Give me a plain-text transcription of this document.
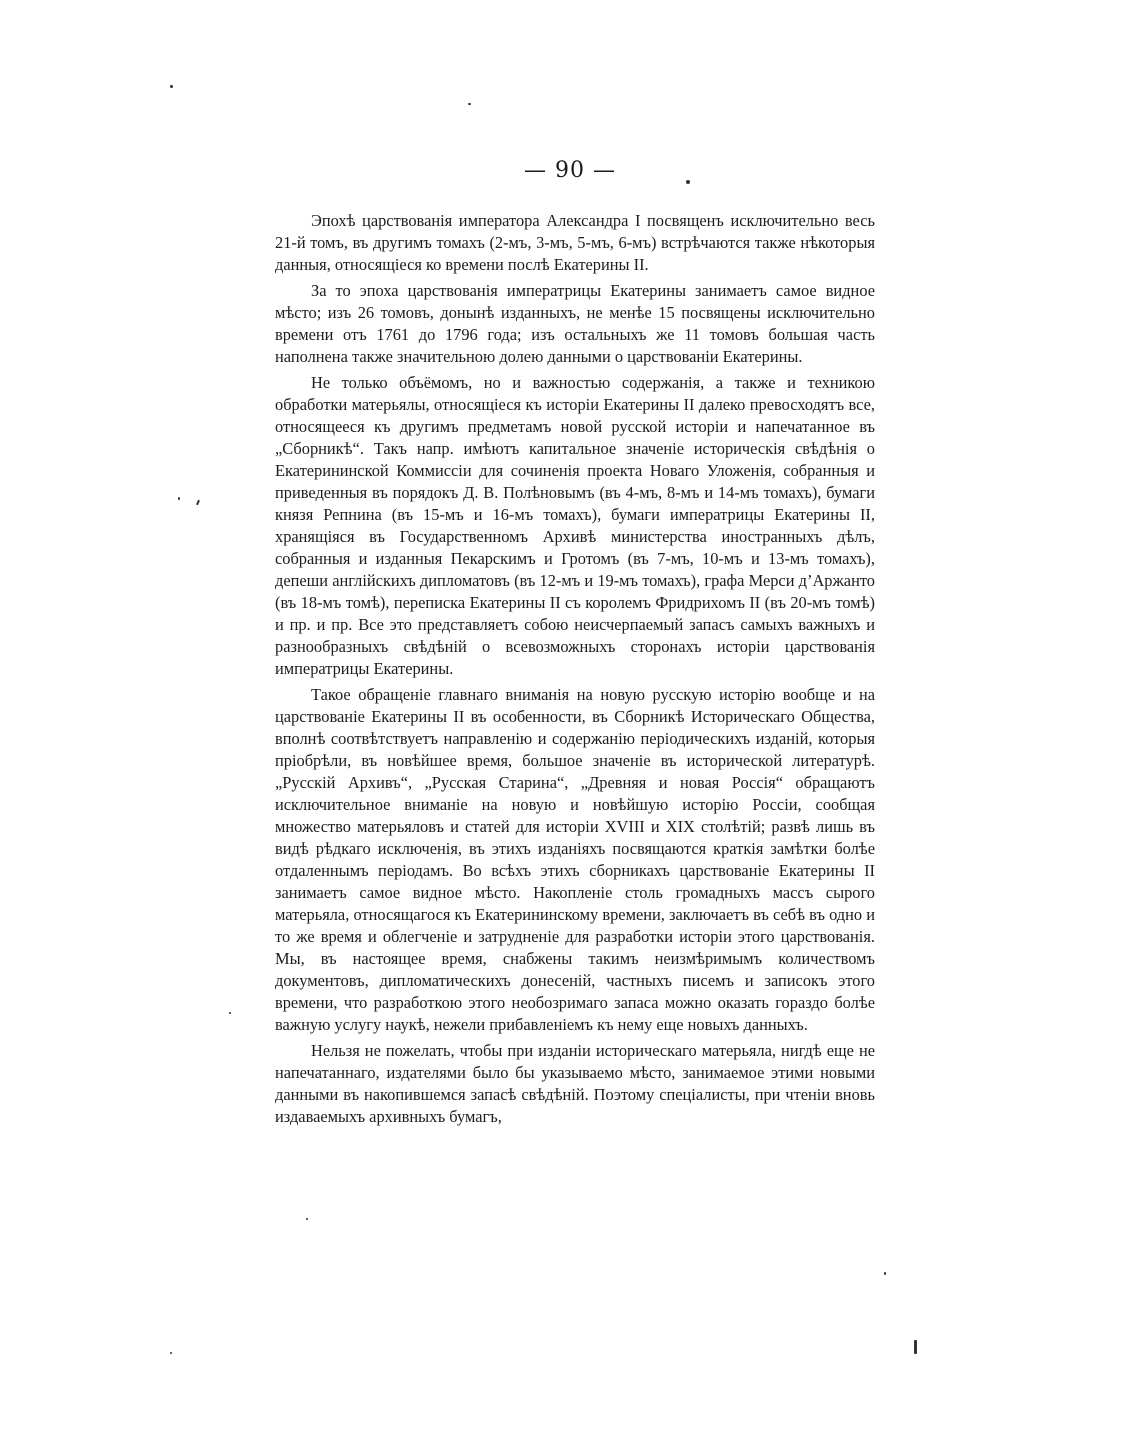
— 90 —

Эпохѣ царствованія императора Александра I посвященъ исключительно весь 21-й томъ, въ другимъ томахъ (2-мъ, 3-мъ, 5-мъ, 6-мъ) встрѣчаются также нѣкоторыя данныя, относящіеся ко времени послѣ Екатерины II.

За то эпоха царствованія императрицы Екатерины занимаетъ самое видное мѣсто; изъ 26 томовъ, донынѣ изданныхъ, не менѣе 15 посвящены исключительно времени отъ 1761 до 1796 года; изъ остальныхъ же 11 томовъ большая часть наполнена также значительною долею данными о царствованіи Екатерины.

Не только объёмомъ, но и важностью содержанія, а также и техникою обработки матерьялы, относящіеся къ исторіи Екатерины II далеко превосходятъ все, относящееся къ другимъ предметамъ новой русской исторіи и напечатанное въ „Сборникѣ“. Такъ напр. имѣютъ капитальное значеніе историческія свѣдѣнія о Екатерининской Коммиссіи для сочиненія проекта Новаго Уложенія, собранныя и приведенныя въ порядокъ Д. В. Полѣновымъ (въ 4-мъ, 8-мъ и 14-мъ томахъ), бумаги князя Репнина (въ 15-мъ и 16-мъ томахъ), бумаги императрицы Екатерины II, хранящіяся въ Государственномъ Архивѣ министерства иностранныхъ дѣлъ, собранныя и изданныя Пекарскимъ и Гротомъ (въ 7-мъ, 10-мъ и 13-мъ томахъ), депеши англійскихъ дипломатовъ (въ 12-мъ и 19-мъ томахъ), графа Мерси д’Аржанто (въ 18-мъ томѣ), переписка Екатерины II съ королемъ Фридрихомъ II (въ 20-мъ томѣ) и пр. и пр. Все это представляетъ собою неисчерпаемый запасъ самыхъ важныхъ и разнообразныхъ свѣдѣній о всевозможныхъ сторонахъ исторіи царствованія императрицы Екатерины.

Такое обращеніе главнаго вниманія на новую русскую исторію вообще и на царствованіе Екатерины II въ особенности, въ Сборникѣ Историческаго Общества, вполнѣ соотвѣтствуетъ направленію и содержанію періодическихъ изданій, которыя пріобрѣли, въ новѣйшее время, большое значеніе въ исторической литературѣ. „Русскій Архивъ“, „Русская Старина“, „Древняя и новая Россія“ обращаютъ исключительное вниманіе на новую и новѣйшую исторію Россіи, сообщая множество матерьяловъ и статей для исторіи XVIII и XIX столѣтій; развѣ лишь въ видѣ рѣдкаго исключенія, въ этихъ изданіяхъ посвящаются краткія замѣтки болѣе отдаленнымъ періодамъ. Во всѣхъ этихъ сборникахъ царствованіе Екатерины II занимаетъ самое видное мѣсто. Накопленіе столь громадныхъ массъ сырого матерьяла, относящагося къ Екатерининскому времени, заключаетъ въ себѣ въ одно и то же время и облегченіе и затрудненіе для разработки исторіи этого царствованія. Мы, въ настоящее время, снабжены такимъ неизмѣримымъ количествомъ документовъ, дипломатическихъ донесеній, частныхъ писемъ и записокъ этого времени, что разработкою этого необозримаго запаса можно оказать гораздо болѣе важную услугу наукѣ, нежели прибавленіемъ къ нему еще новыхъ данныхъ.

Нельзя не пожелать, чтобы при изданіи историческаго матерьяла, нигдѣ еще не напечатаннаго, издателями было бы указываемо мѣсто, занимаемое этими новыми данными въ накопившемся запасѣ свѣдѣній. Поэтому спеціалисты, при чтеніи вновь издаваемыхъ архивныхъ бумагъ,
